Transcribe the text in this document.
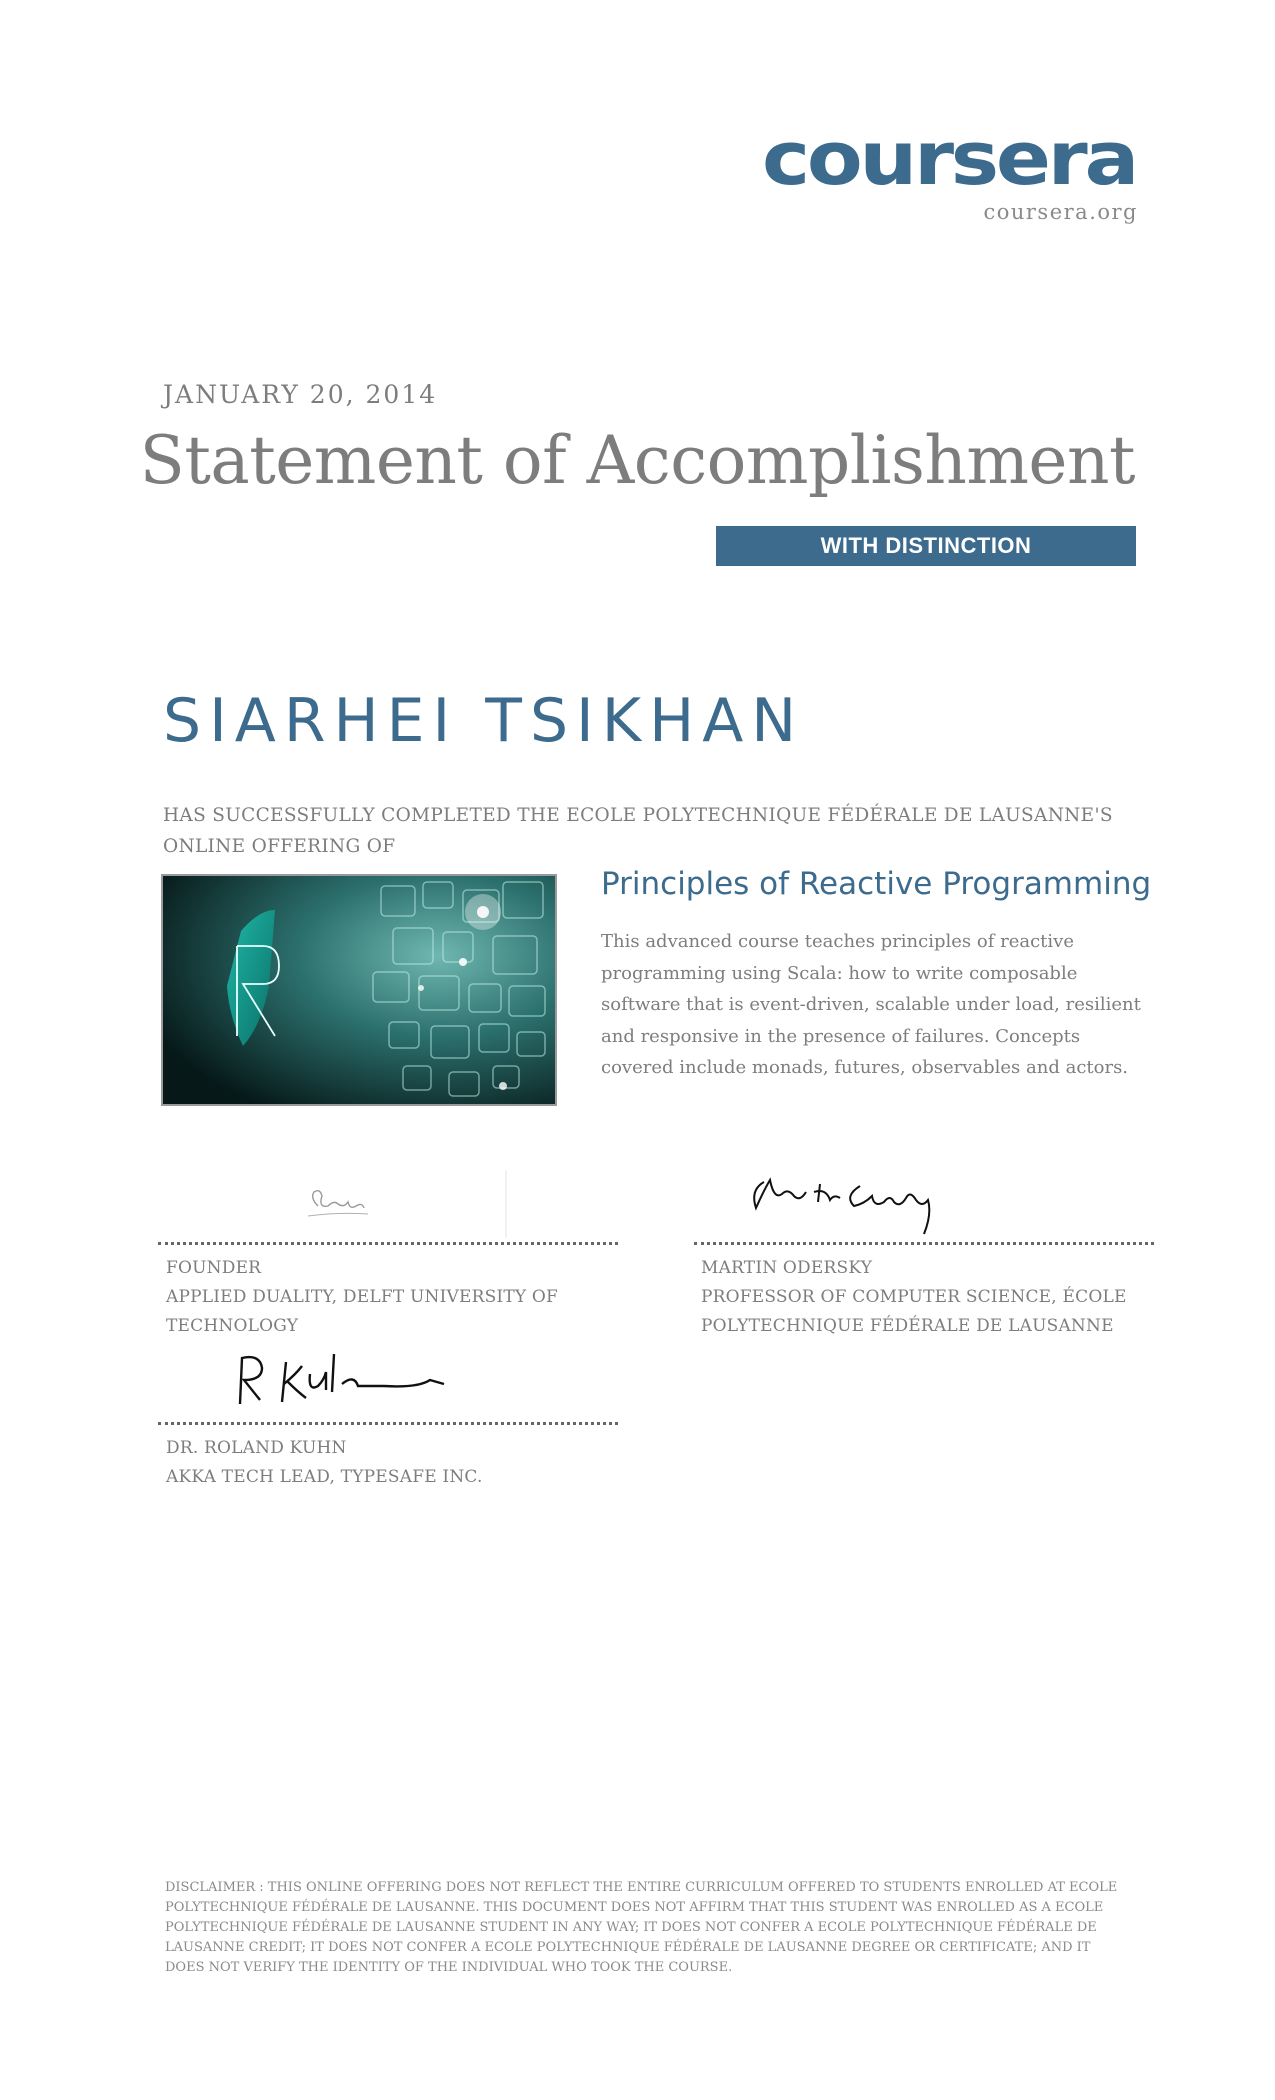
coursera
coursera.org
JANUARY 20, 2014
Statement of Accomplishment
WITH DISTINCTION
SIARHEI TSIKHAN
HAS SUCCESSFULLY COMPLETED THE ECOLE POLYTECHNIQUE FÉDÉRALE DE LAUSANNE'S ONLINE OFFERING OF
Principles of Reactive Programming
This advanced course teaches principles of reactive programming using Scala: how to write composable software that is event-driven, scalable under load, resilient and responsive in the presence of failures. Concepts covered include monads, futures, observables and actors.
FOUNDER
APPLIED DUALITY, DELFT UNIVERSITY OF TECHNOLOGY
MARTIN ODERSKY
PROFESSOR OF COMPUTER SCIENCE, ÉCOLE POLYTECHNIQUE FÉDÉRALE DE LAUSANNE
DR. ROLAND KUHN
AKKA TECH LEAD, TYPESAFE INC.
DISCLAIMER : THIS ONLINE OFFERING DOES NOT REFLECT THE ENTIRE CURRICULUM OFFERED TO STUDENTS ENROLLED AT ECOLE POLYTECHNIQUE FÉDÉRALE DE LAUSANNE. THIS DOCUMENT DOES NOT AFFIRM THAT THIS STUDENT WAS ENROLLED AS A ECOLE POLYTECHNIQUE FÉDÉRALE DE LAUSANNE STUDENT IN ANY WAY; IT DOES NOT CONFER A ECOLE POLYTECHNIQUE FÉDÉRALE DE LAUSANNE CREDIT; IT DOES NOT CONFER A ECOLE POLYTECHNIQUE FÉDÉRALE DE LAUSANNE DEGREE OR CERTIFICATE; AND IT DOES NOT VERIFY THE IDENTITY OF THE INDIVIDUAL WHO TOOK THE COURSE.
